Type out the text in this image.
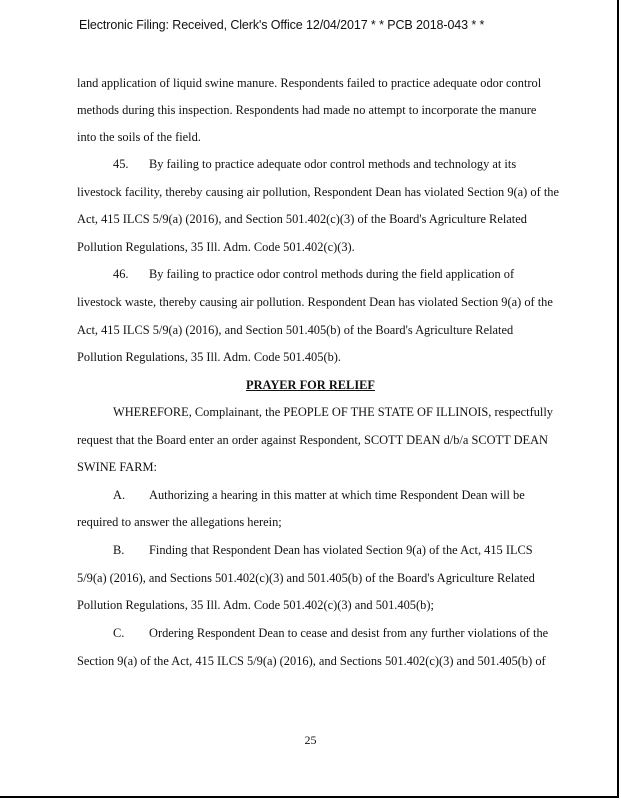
Electronic Filing: Received, Clerk's Office 12/04/2017 * * PCB 2018-043 * *
land application of liquid swine manure. Respondents failed to practice adequate odor control
methods during this inspection. Respondents had made no attempt to incorporate the manure
into the soils of the field.
45. By failing to practice adequate odor control methods and technology at its
livestock facility, thereby causing air pollution, Respondent Dean has violated Section 9(a) of the
Act, 415 ILCS 5/9(a) (2016), and Section 501.402(c)(3) of the Board's Agriculture Related
Pollution Regulations, 35 Ill. Adm. Code 501.402(c)(3).
46. By failing to practice odor control methods during the field application of
livestock waste, thereby causing air pollution. Respondent Dean has violated Section 9(a) of the
Act, 415 ILCS 5/9(a) (2016), and Section 501.405(b) of the Board's Agriculture Related
Pollution Regulations, 35 Ill. Adm. Code 501.405(b).
PRAYER FOR RELIEF
WHEREFORE, Complainant, the PEOPLE OF THE STATE OF ILLINOIS, respectfully
request that the Board enter an order against Respondent, SCOTT DEAN d/b/a SCOTT DEAN
SWINE FARM:
A. Authorizing a hearing in this matter at which time Respondent Dean will be
required to answer the allegations herein;
B. Finding that Respondent Dean has violated Section 9(a) of the Act, 415 ILCS
5/9(a) (2016), and Sections 501.402(c)(3) and 501.405(b) of the Board's Agriculture Related
Pollution Regulations, 35 Ill. Adm. Code 501.402(c)(3) and 501.405(b);
C. Ordering Respondent Dean to cease and desist from any further violations of the
Section 9(a) of the Act, 415 ILCS 5/9(a) (2016), and Sections 501.402(c)(3) and 501.405(b) of
25
